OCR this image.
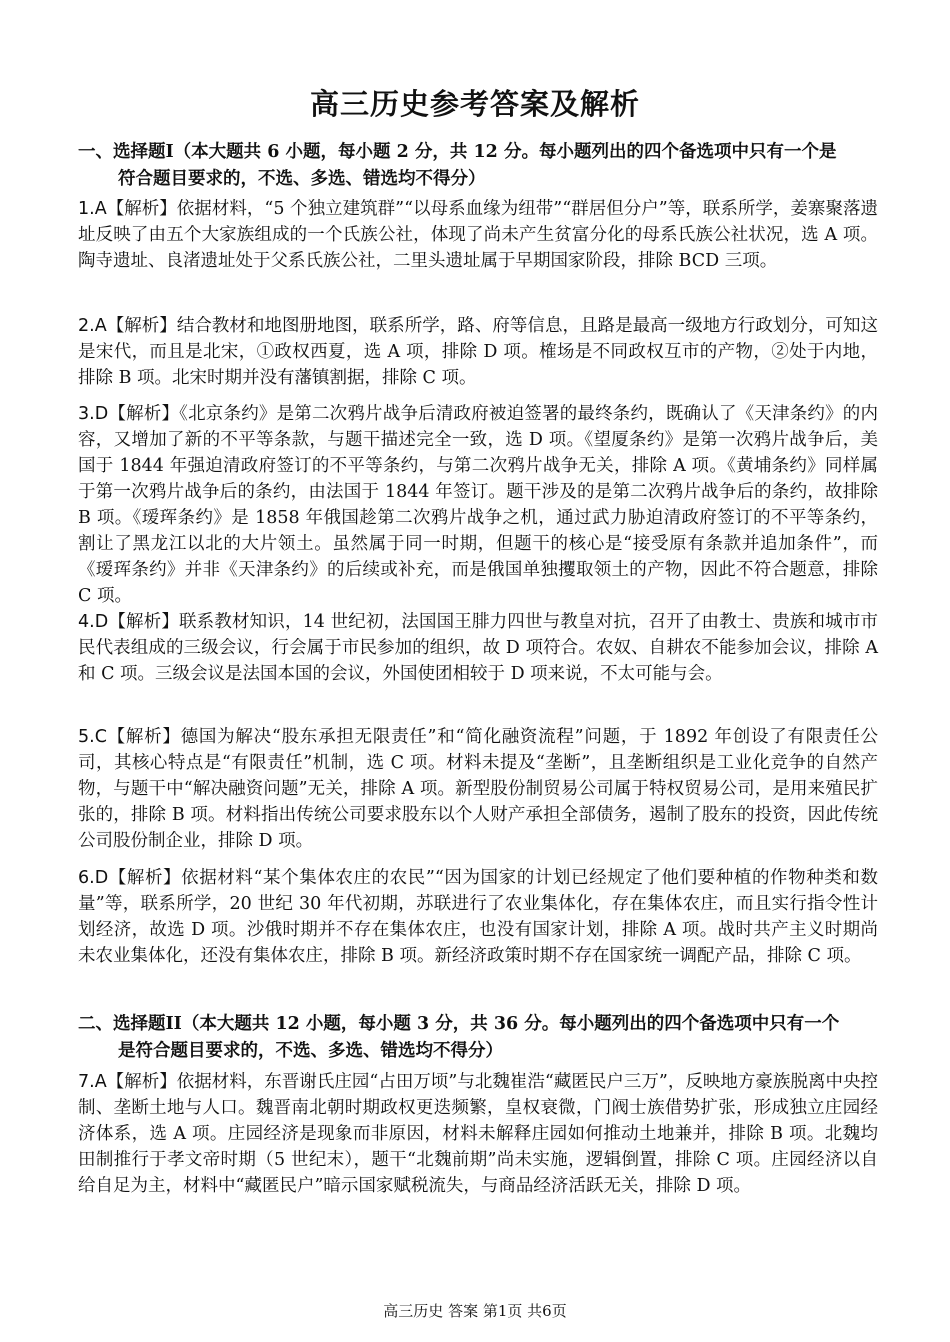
高三历史参考答案及解析
一、选择题I（本大题共 6 小题，每小题 2 分，共 12 分。每小题列出的四个备选项中只有一个是
符合题目要求的，不选、多选、错选均不得分）
1.A【解析】依据材料，“5 个独立建筑群”“以母系血缘为纽带”“群居但分户”等，联系所学，姜寨聚落遗址反映了由五个大家族组成的一个氏族公社，体现了尚未产生贫富分化的母系氏族公社状况，选 A 项。陶寺遗址、良渚遗址处于父系氏族公社，二里头遗址属于早期国家阶段，排除 BCD 三项。
2.A【解析】结合教材和地图册地图，联系所学，路、府等信息，且路是最高一级地方行政划分，可知这是宋代，而且是北宋，①政权西夏，选 A 项，排除 D 项。榷场是不同政权互市的产物，②处于内地，排除 B 项。北宋时期并没有藩镇割据，排除 C 项。
3.D【解析】《北京条约》是第二次鸦片战争后清政府被迫签署的最终条约，既确认了《天津条约》的内容，又增加了新的不平等条款，与题干描述完全一致，选 D 项。《望厦条约》是第一次鸦片战争后，美国于 1844 年强迫清政府签订的不平等条约，与第二次鸦片战争无关，排除 A 项。《黄埔条约》同样属于第一次鸦片战争后的条约，由法国于 1844 年签订。题干涉及的是第二次鸦片战争后的条约，故排除 B 项。《瑷珲条约》是 1858 年俄国趁第二次鸦片战争之机，通过武力胁迫清政府签订的不平等条约，割让了黑龙江以北的大片领土。虽然属于同一时期，但题干的核心是“接受原有条款并追加条件”，而《瑷珲条约》并非《天津条约》的后续或补充，而是俄国单独攫取领土的产物，因此不符合题意，排除 C 项。
4.D【解析】联系教材知识，14 世纪初，法国国王腓力四世与教皇对抗，召开了由教士、贵族和城市市民代表组成的三级会议，行会属于市民参加的组织，故 D 项符合。农奴、自耕农不能参加会议，排除 A 和 C 项。三级会议是法国本国的会议，外国使团相较于 D 项来说，不太可能与会。
5.C【解析】德国为解决“股东承担无限责任”和“简化融资流程”问题，于 1892 年创设了有限责任公司，其核心特点是“有限责任”机制，选 C 项。材料未提及“垄断”，且垄断组织是工业化竞争的自然产物，与题干中“解决融资问题”无关，排除 A 项。新型股份制贸易公司属于特权贸易公司，是用来殖民扩张的，排除 B 项。材料指出传统公司要求股东以个人财产承担全部债务，遏制了股东的投资，因此传统公司股份制企业，排除 D 项。
6.D【解析】依据材料“某个集体农庄的农民”“因为国家的计划已经规定了他们要种植的作物种类和数量”等，联系所学，20 世纪 30 年代初期，苏联进行了农业集体化，存在集体农庄，而且实行指令性计划经济，故选 D 项。沙俄时期并不存在集体农庄，也没有国家计划，排除 A 项。战时共产主义时期尚未农业集体化，还没有集体农庄，排除 B 项。新经济政策时期不存在国家统一调配产品，排除 C 项。
二、选择题II（本大题共 12 小题，每小题 3 分，共 36 分。每小题列出的四个备选项中只有一个
是符合题目要求的，不选、多选、错选均不得分）
7.A【解析】依据材料，东晋谢氏庄园“占田万顷”与北魏崔浩“藏匿民户三万”，反映地方豪族脱离中央控制、垄断土地与人口。魏晋南北朝时期政权更迭频繁，皇权衰微，门阀士族借势扩张，形成独立庄园经济体系，选 A 项。庄园经济是现象而非原因，材料未解释庄园如何推动土地兼并，排除 B 项。北魏均田制推行于孝文帝时期（5 世纪末），题干“北魏前期”尚未实施，逻辑倒置，排除 C 项。庄园经济以自给自足为主，材料中“藏匿民户”暗示国家赋税流失，与商品经济活跃无关，排除 D 项。
高三历史 答案 第1页 共6页
